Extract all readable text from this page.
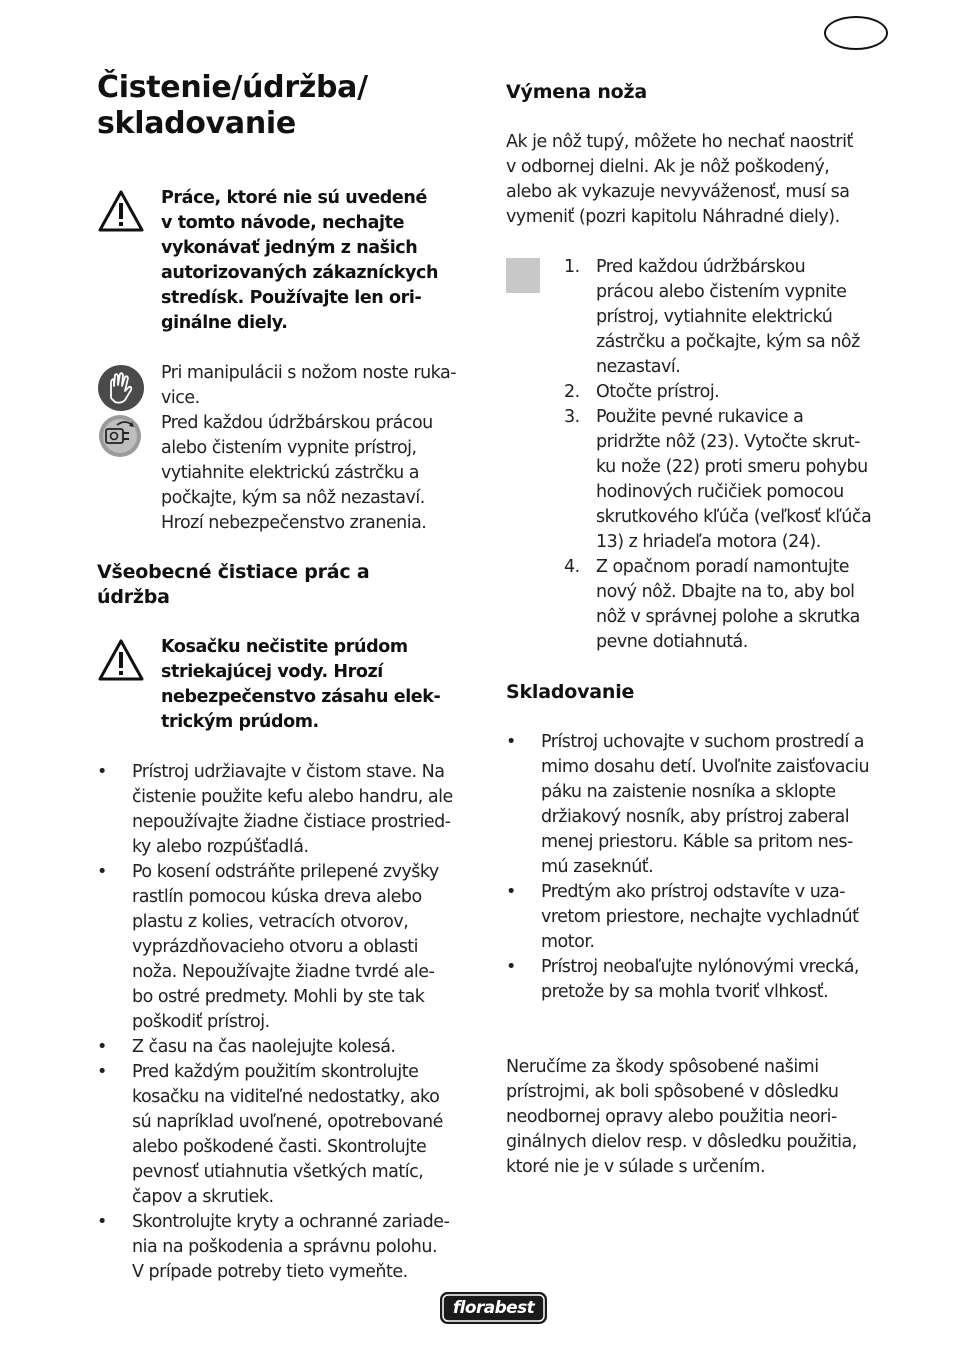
Čistenie/údržba/
skladovanie
Práce, ktoré nie sú uvedené
v tomto návode, nechajte
vykonávať jedným z našich
autorizovaných zákazníckych
stredísk. Používajte len ori-
ginálne diely.
Pri manipulácii s nožom noste ruka-
vice.
Pred každou údržbárskou prácou
alebo čistením vypnite prístroj,
vytiahnite elektrickú zástrčku a
počkajte, kým sa nôž nezastaví.
Hrozí nebezpečenstvo zranenia.
Všeobecné čistiace prác a
údržba
Kosačku nečistite prúdom
striekajúcej vody. Hrozí
nebezpečenstvo zásahu elek-
trickým prúdom.
•	Prístroj udržiavajte v čistom stave. Na
čistenie použite kefu alebo handru, ale
nepoužívajte žiadne čistiace prostried-
ky alebo rozpúšťadlá.
•	Po kosení odstráňte prilepené zvyšky
rastlín pomocou kúska dreva alebo
plastu z kolies, vetracích otvorov,
vyprázdňovacieho otvoru a oblasti
noža. Nepoužívajte žiadne tvrdé ale-
bo ostré predmety. Mohli by ste tak
poškodiť prístroj.
•	Z času na čas naolejujte kolesá.
•	Pred každým použitím skontrolujte
kosačku na viditeľné nedostatky, ako
sú napríklad uvoľnené, opotrebované
alebo poškodené časti. Skontrolujte
pevnosť utiahnutia všetkých matíc,
čapov a skrutiek.
•	Skontrolujte kryty a ochranné zariade-
nia na poškodenia a správnu polohu.
V prípade potreby tieto vymeňte.
Výmena noža
Ak je nôž tupý, môžete ho nechať naostriť
v odbornej dielni. Ak je nôž poškodený,
alebo ak vykazuje nevyváženosť, musí sa
vymeniť (pozri kapitolu Náhradné diely).
1. Pred každou údržbárskou
prácou alebo čistením vypnite
prístroj, vytiahnite elektrickú
zástrčku a počkajte, kým sa nôž
nezastaví.
2. Otočte prístroj.
3. Použite pevné rukavice a
pridržte nôž (23). Vytočte skrut-
ku nože (22) proti smeru pohybu
hodinových ručičiek pomocou
skrutkového kľúča (veľkosť kľúča
13) z hriadeľa motora (24).
4. Z opačnom poradí namontujte
nový nôž. Dbajte na to, aby bol
nôž v správnej polohe a skrutka
pevne dotiahnutá.
Skladovanie
•	Prístroj uchovajte v suchom prostredí a
mimo dosahu detí. Uvoľnite zaisťovaciu
páku na zaistenie nosníka a sklopte
držiakový nosník, aby prístroj zaberal
menej priestoru. Káble sa pritom nes-
mú zaseknúť.
•	Predtým ako prístroj odstavíte v uza-
vretom priestore, nechajte vychladnúť
motor.
•	Prístroj neobaľujte nylónovými vrecká,
pretože by sa mohla tvoriť vlhkosť.
Neručíme za škody spôsobené našimi
prístrojmi, ak boli spôsobené v dôsledku
neodbornej opravy alebo použitia neori-
ginálnych dielov resp. v dôsledku použitia,
ktoré nie je v súlade s určením.
florabest
